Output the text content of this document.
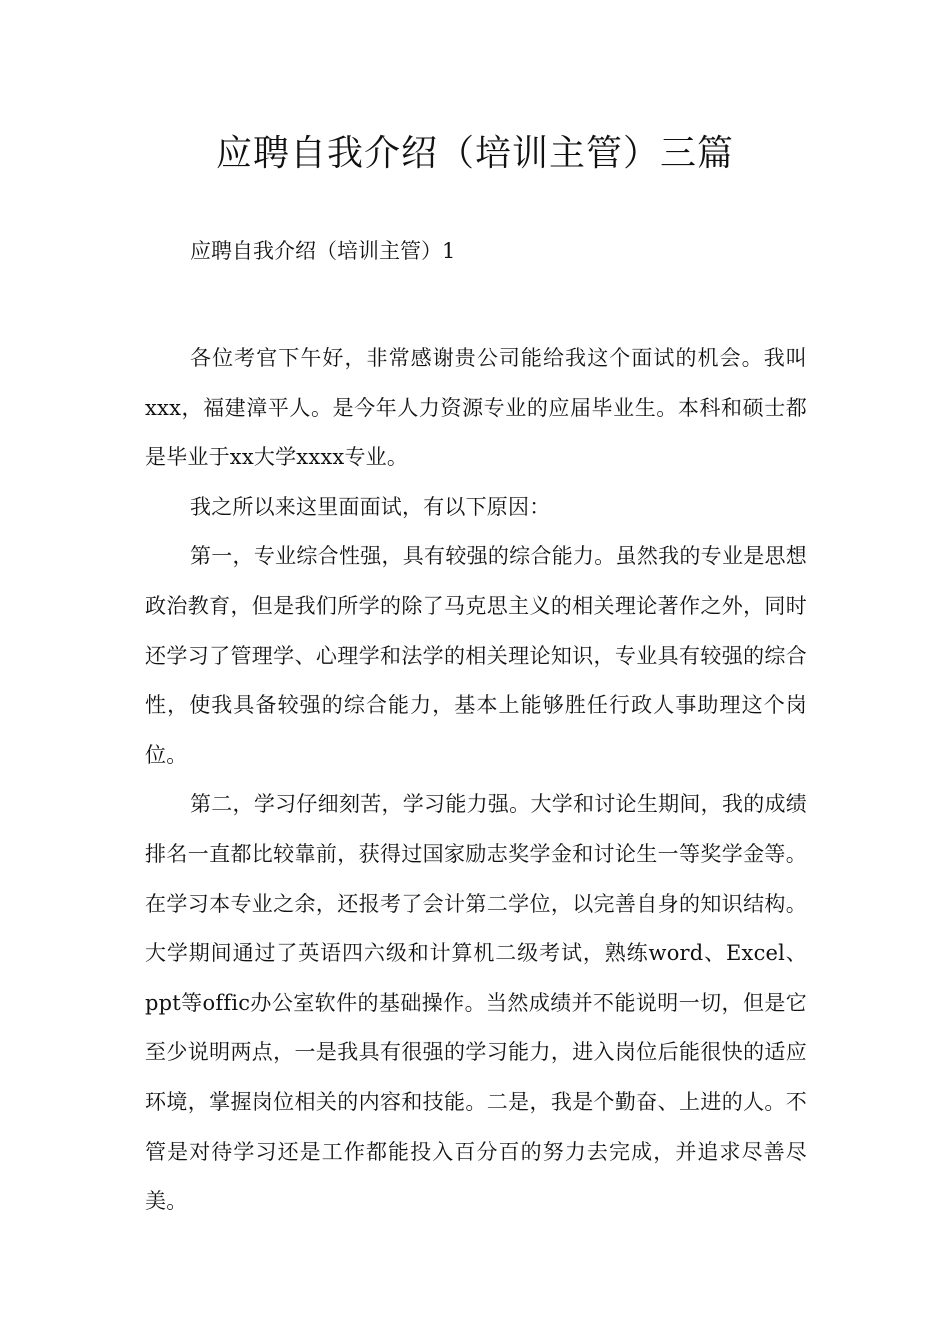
应聘自我介绍（培训主管）三篇

应聘自我介绍（培训主管）1

各位考官下午好，非常感谢贵公司能给我这个面试的机会。我叫xxx，福建漳平人。是今年人力资源专业的应届毕业生。本科和硕士都是毕业于xx大学xxxx专业。

我之所以来这里面面试，有以下原因：

第一，专业综合性强，具有较强的综合能力。虽然我的专业是思想政治教育，但是我们所学的除了马克思主义的相关理论著作之外，同时还学习了管理学、心理学和法学的相关理论知识，专业具有较强的综合性，使我具备较强的综合能力，基本上能够胜任行政人事助理这个岗位。

第二，学习仔细刻苦，学习能力强。大学和讨论生期间，我的成绩排名一直都比较靠前，获得过国家励志奖学金和讨论生一等奖学金等。在学习本专业之余，还报考了会计第二学位，以完善自身的知识结构。大学期间通过了英语四六级和计算机二级考试，熟练word、Excel、ppt等offic办公室软件的基础操作。当然成绩并不能说明一切，但是它至少说明两点，一是我具有很强的学习能力，进入岗位后能很快的适应环境，掌握岗位相关的内容和技能。二是，我是个勤奋、上进的人。不管是对待学习还是工作都能投入百分百的努力去完成，并追求尽善尽美。
